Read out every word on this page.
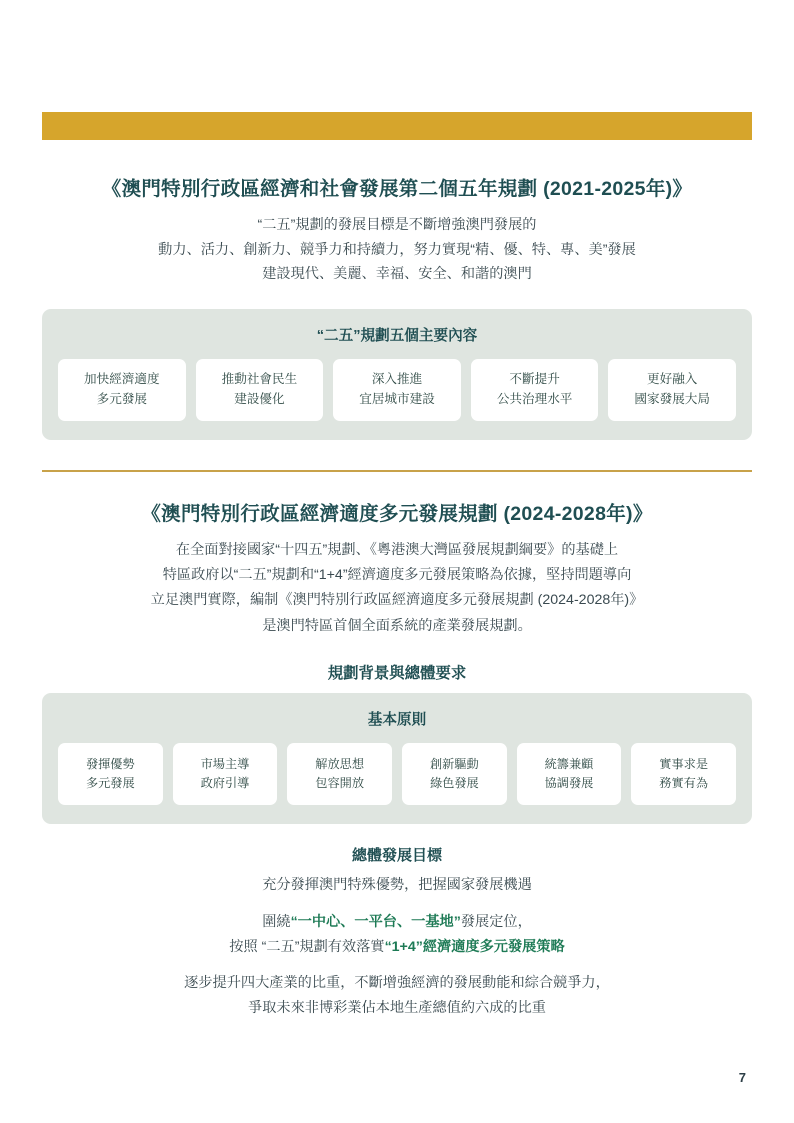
《澳門特別行政區經濟和社會發展第二個五年規劃 (2021-2025年)》
“二五”規劃的發展目標是不斷增強澳門發展的
動力、活力、創新力、競爭力和持續力，努力實現“精、優、特、專、美”發展
建設現代、美麗、幸福、安全、和諧的澳門
“二五”規劃五個主要內容
加快經濟適度
多元發展
推動社會民生
建設優化
深入推進
宜居城市建設
不斷提升
公共治理水平
更好融入
國家發展大局
《澳門特別行政區經濟適度多元發展規劃 (2024-2028年)》
在全面對接國家“十四五”規劃、《粵港澳大灣區發展規劃綱要》的基礎上
特區政府以“二五”規劃和“1+4”經濟適度多元發展策略為依據，堅持問題導向
立足澳門實際，編制《澳門特別行政區經濟適度多元發展規劃 (2024-2028年)》
是澳門特區首個全面系統的產業發展規劃。
規劃背景與總體要求
基本原則
發揮優勢
多元發展
市場主導
政府引導
解放思想
包容開放
創新驅動
綠色發展
統籌兼顧
協調發展
實事求是
務實有為
總體發展目標

充分發揮澳門特殊優勢，把握國家發展機遇

圍繞“一中心、一平台、一基地”發展定位，

按照 “二五”規劃有效落實“1+4”經濟適度多元發展策略

逐步提升四大產業的比重，不斷增強經濟的發展動能和綜合競爭力，

爭取未來非博彩業佔本地生產總值約六成的比重

7
